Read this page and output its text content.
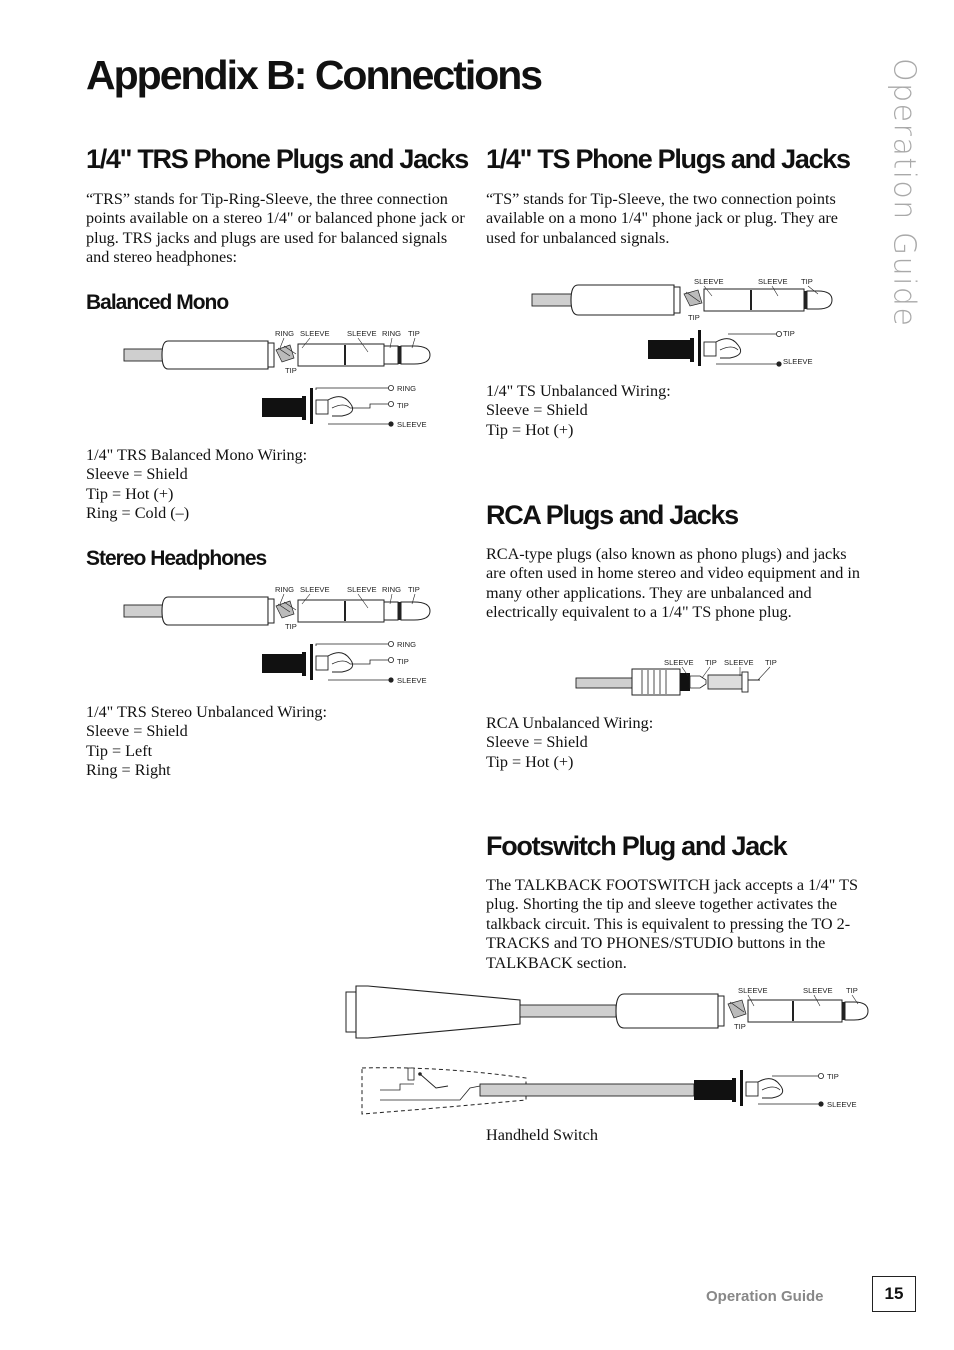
Appendix B: Connections	Operation Guide
1/4" TRS Phone Plugs and Jacks

“TRS” stands for Tip-Ring-Sleeve, the three connection points available on a stereo 1/4" or balanced phone jack or plug. TRS jacks and plugs are used for balanced signals and stereo headphones:

Balanced Mono
RING SLEEVE SLEEVE RING TIP
TIP
RING
TIP
SLEEVE
1/4" TRS Balanced Mono Wiring:
Sleeve = Shield
Tip = Hot (+)
Ring = Cold (–)
Stereo Headphones
RING SLEEVE SLEEVE RING TIP
TIP
RING
TIP
SLEEVE
1/4" TRS Stereo Unbalanced Wiring:
Sleeve = Shield
Tip = Left
Ring = Right
1/4" TS Phone Plugs and Jacks

“TS” stands for Tip-Sleeve, the two connection points available on a mono 1/4" phone jack or plug. They are used for unbalanced signals.

SLEEVE	SLEEVE TIP
TIP
TIP
SLEEVE
1/4" TS Unbalanced Wiring:
Sleeve = Shield
Tip = Hot (+)
RCA Plugs and Jacks

RCA-type plugs (also known as phono plugs) and jacks are often used in home stereo and video equipment and in many other applications. They are unbalanced and electrically equivalent to a 1/4" TS phone plug.

SLEEVE TIP SLEEVE TIP
RCA Unbalanced Wiring:
Sleeve = Shield
Tip = Hot (+)
Footswitch Plug and Jack

The TALKBACK FOOTSWITCH jack accepts a 1/4" TS plug. Shorting the tip and sleeve together activates the talkback circuit. This is equivalent to pressing the TO 2-TRACKS and TO PHONES/STUDIO buttons in the TALKBACK section.

SLEEVE	SLEEVE TIP
TIP
TIP
SLEEVE
Handheld Switch
Operation Guide	15
